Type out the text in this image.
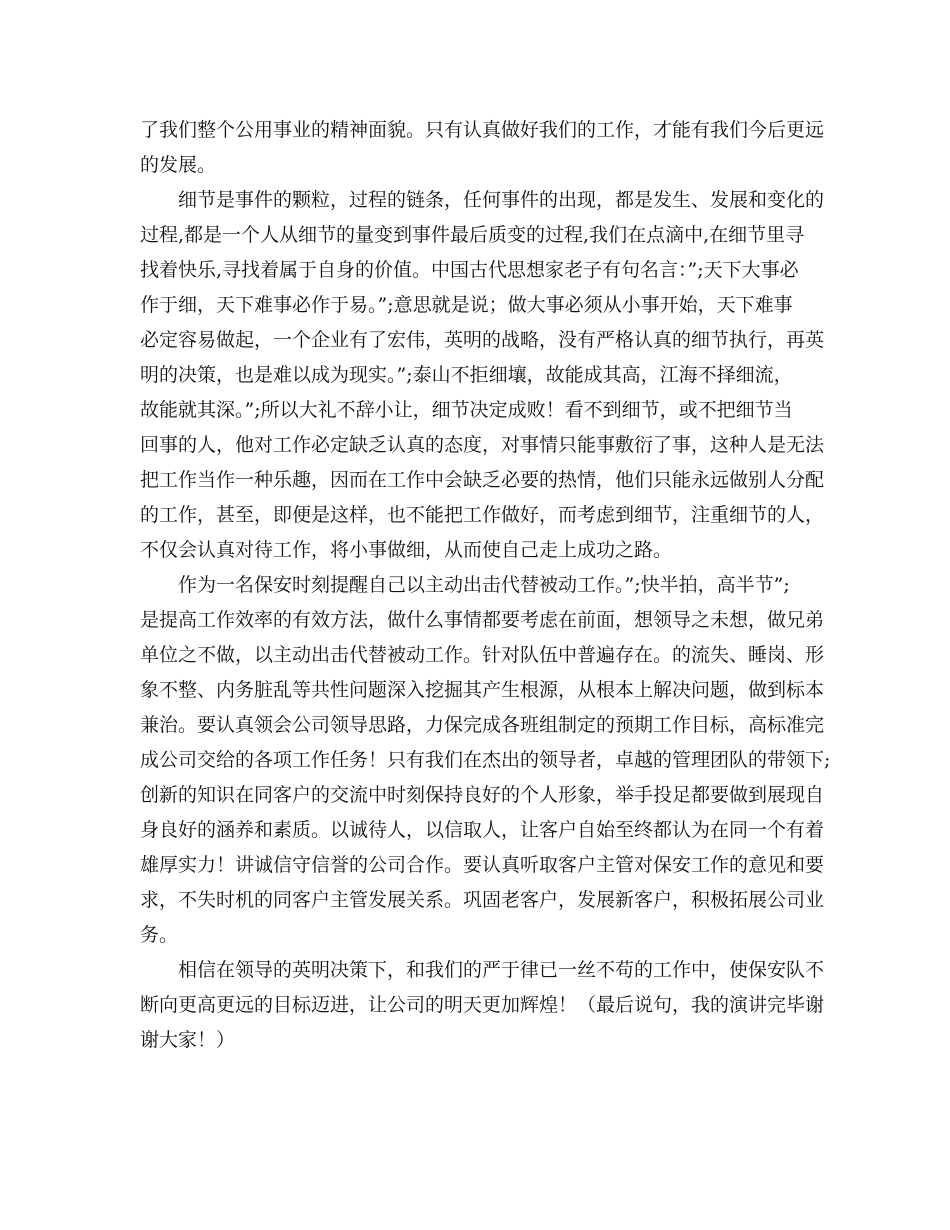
了我们整个公用事业的精神面貌。只有认真做好我们的工作，才能有我们今后更远

的发展。

细节是事件的颗粒，过程的链条，任何事件的出现，都是发生、发展和变化的

过程,都是一个人从细节的量变到事件最后质变的过程,我们在点滴中,在细节里寻

找着快乐,寻找着属于自身的价值。中国古代思想家老子有句名言：”;天下大事必

作于细，天下难事必作于易。”;意思就是说；做大事必须从小事开始，天下难事

必定容易做起，一个企业有了宏伟，英明的战略，没有严格认真的细节执行，再英

明的决策，也是难以成为现实。”;泰山不拒细壤，故能成其高，江海不择细流，

故能就其深。”;所以大礼不辞小让，细节决定成败！看不到细节，或不把细节当

回事的人，他对工作必定缺乏认真的态度，对事情只能事敷衍了事，这种人是无法

把工作当作一种乐趣，因而在工作中会缺乏必要的热情，他们只能永远做别人分配

的工作，甚至，即便是这样，也不能把工作做好，而考虑到细节，注重细节的人，

不仅会认真对待工作，将小事做细，从而使自己走上成功之路。

作为一名保安时刻提醒自己以主动出击代替被动工作。”;快半拍，高半节”;

是提高工作效率的有效方法，做什么事情都要考虑在前面，想领导之未想，做兄弟

单位之不做，以主动出击代替被动工作。针对队伍中普遍存在。的流失、睡岗、形

象不整、内务脏乱等共性问题深入挖掘其产生根源，从根本上解决问题，做到标本

兼治。要认真领会公司领导思路，力保完成各班组制定的预期工作目标，高标准完

成公司交给的各项工作任务！只有我们在杰出的领导者，卓越的管理团队的带领下;

创新的知识在同客户的交流中时刻保持良好的个人形象，举手投足都要做到展现自

身良好的涵养和素质。以诚待人，以信取人，让客户自始至终都认为在同一个有着

雄厚实力！讲诚信守信誉的公司合作。要认真听取客户主管对保安工作的意见和要

求，不失时机的同客户主管发展关系。巩固老客户，发展新客户，积极拓展公司业

务。

相信在领导的英明决策下，和我们的严于律已一丝不苟的工作中，使保安队不

断向更高更远的目标迈进，让公司的明天更加辉煌！（最后说句，我的演讲完毕谢

谢大家！）
